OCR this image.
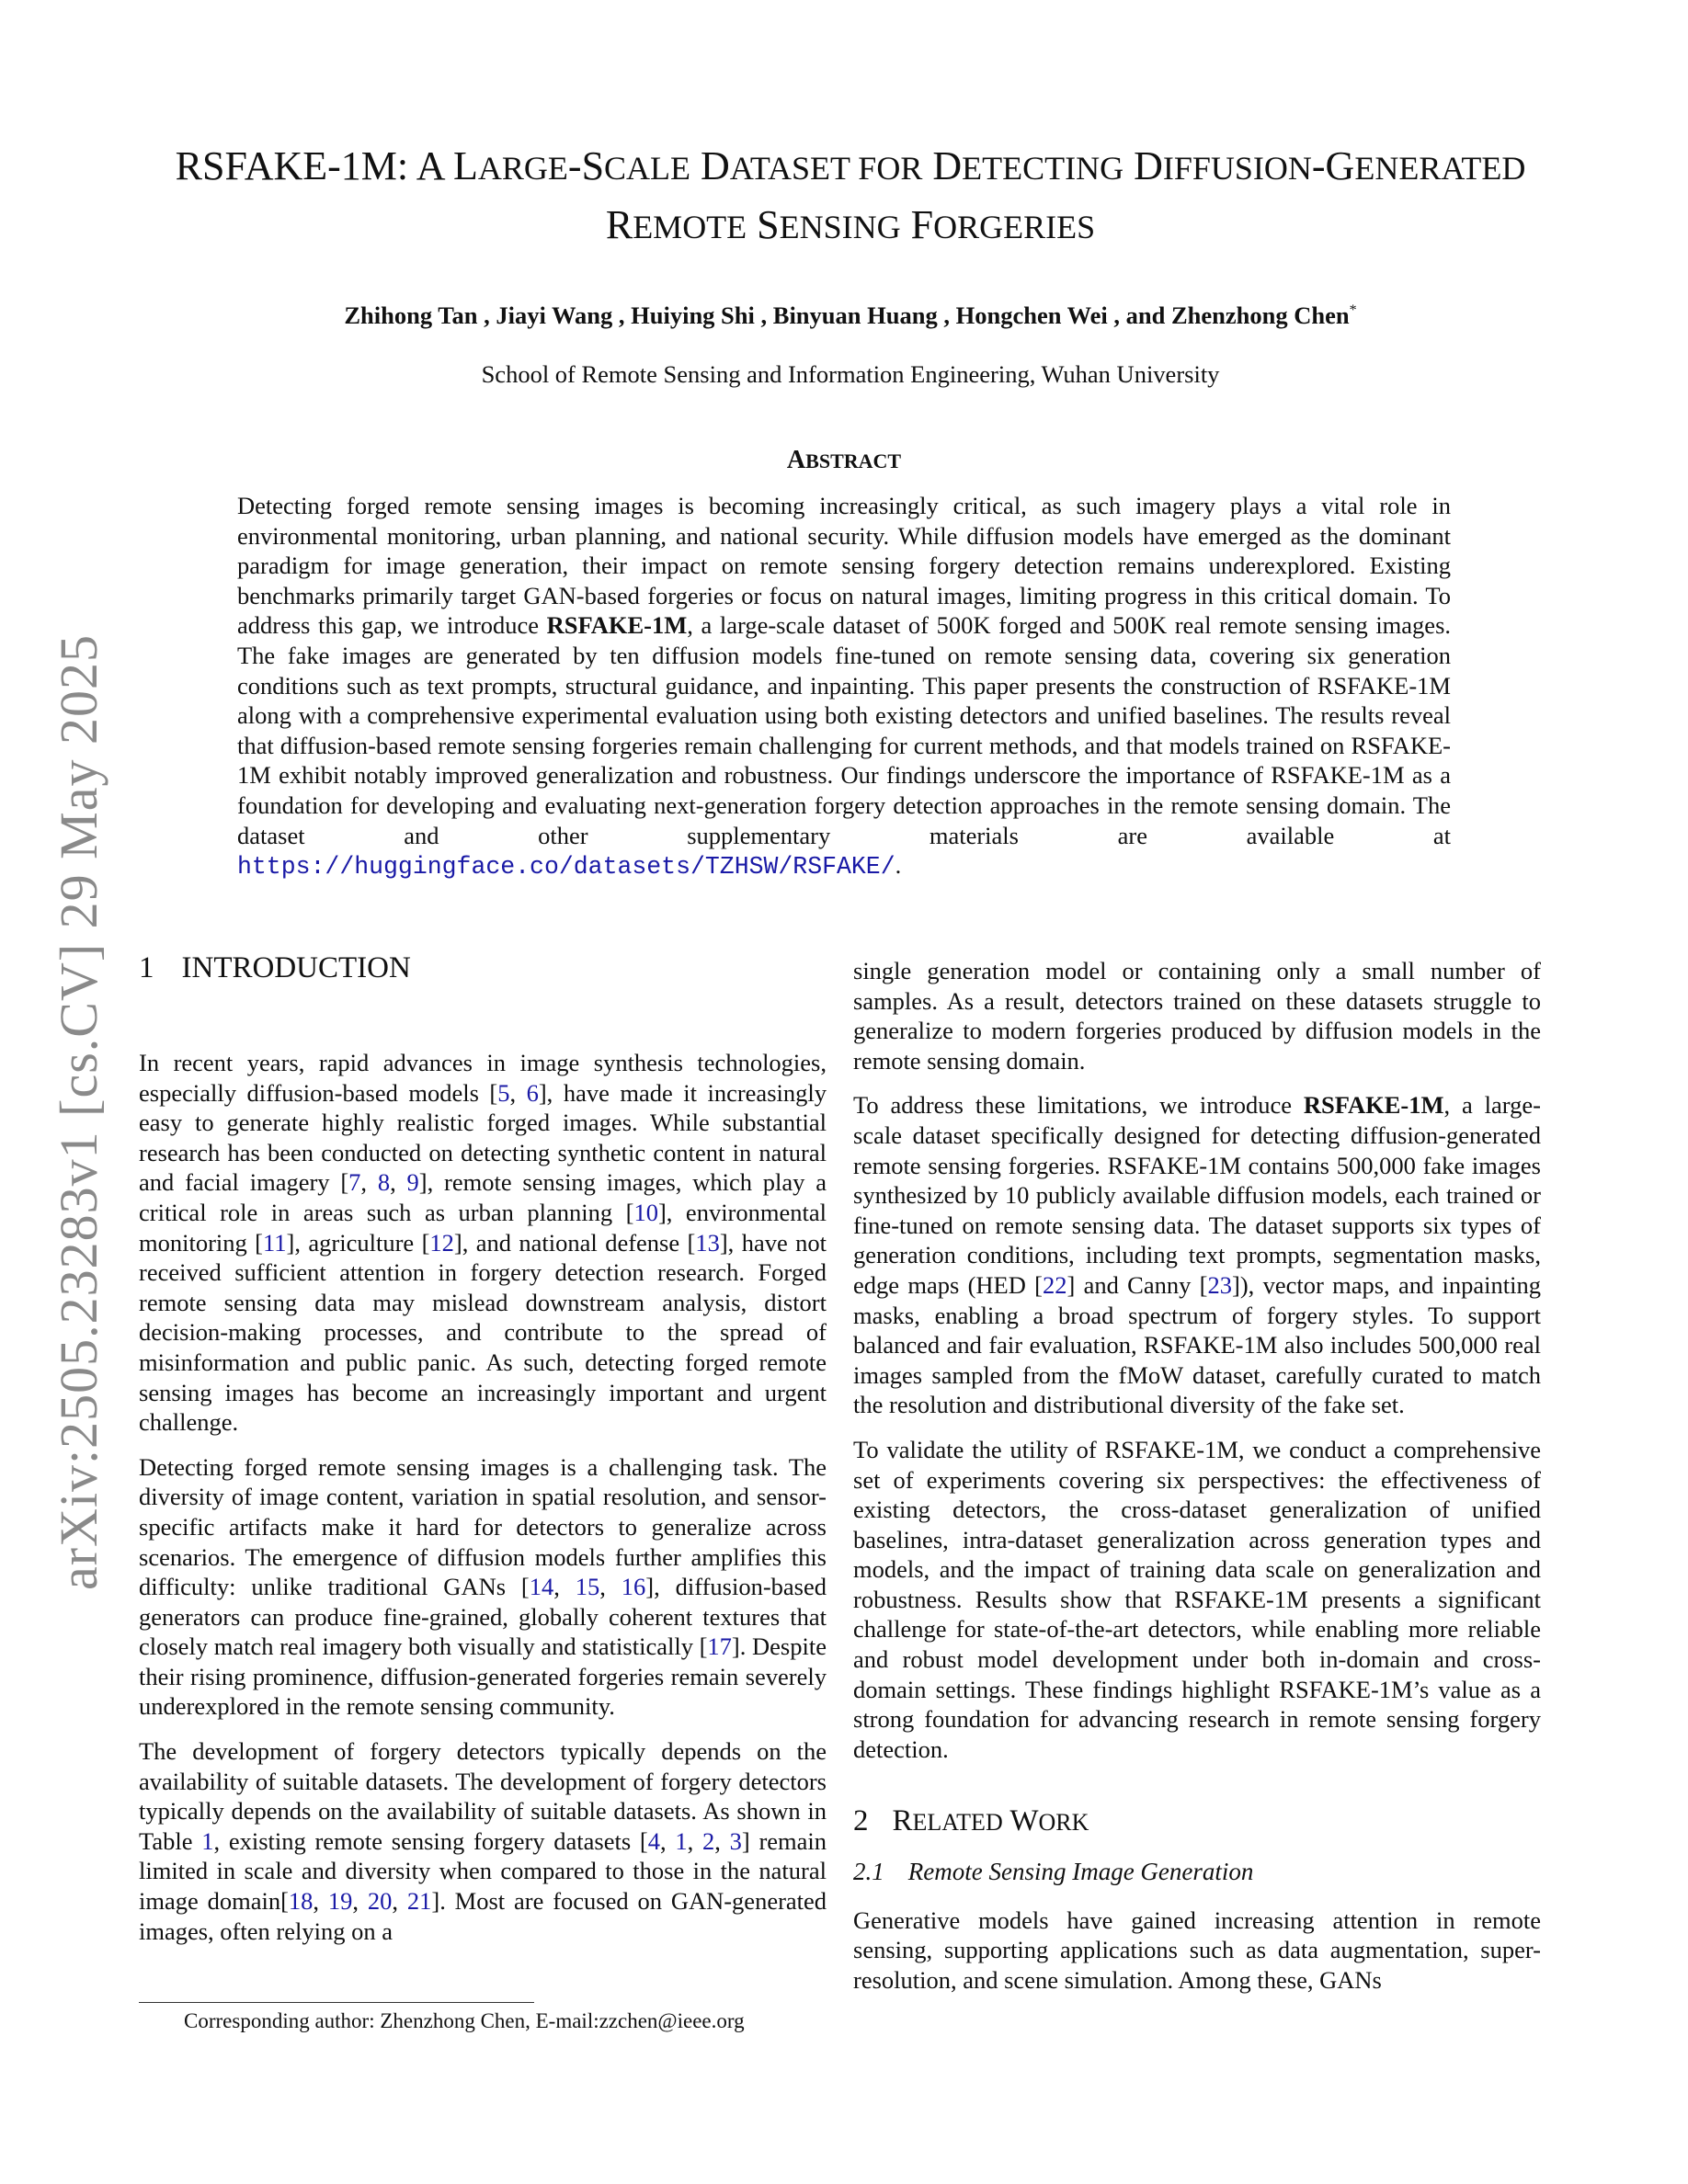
arXiv:2505.23283v1 [cs.CV] 29 May 2025
RSFAKE-1M: A LARGE-SCALE DATASET FOR DETECTING DIFFUSION-GENERATED
REMOTE SENSING FORGERIES
Zhihong Tan , Jiayi Wang , Huiying Shi , Binyuan Huang , Hongchen Wei , and Zhenzhong Chen*
School of Remote Sensing and Information Engineering, Wuhan University
ABSTRACT
Detecting forged remote sensing images is becoming increasingly critical, as such imagery plays a vital role in environmental monitoring, urban planning, and national security. While diffusion models have emerged as the dominant paradigm for image generation, their impact on remote sensing forgery detection remains underexplored. Existing benchmarks primarily target GAN-based forgeries or focus on natural images, limiting progress in this critical domain. To address this gap, we introduce RSFAKE-1M, a large-scale dataset of 500K forged and 500K real remote sensing images. The fake images are generated by ten diffusion models fine-tuned on remote sensing data, covering six generation conditions such as text prompts, structural guidance, and inpainting. This paper presents the construction of RSFAKE-1M along with a comprehensive experimental evaluation using both existing detectors and unified baselines. The results reveal that diffusion-based remote sensing forgeries remain challenging for current methods, and that models trained on RSFAKE-1M exhibit notably improved generalization and robustness. Our findings underscore the importance of RSFAKE-1M as a foundation for developing and evaluating next-generation forgery detection approaches in the remote sensing domain. The dataset and other supplementary materials are available at https://huggingface.co/datasets/TZHSW/RSFAKE/.
1 INTRODUCTION

In recent years, rapid advances in image synthesis technologies, especially diffusion-based models [5, 6], have made it increasingly easy to generate highly realistic forged images. While substantial research has been conducted on detecting synthetic content in natural and facial imagery [7, 8, 9], remote sensing images, which play a critical role in areas such as urban planning [10], environmental monitoring [11], agriculture [12], and national defense [13], have not received sufficient attention in forgery detection research. Forged remote sensing data may mislead downstream analysis, distort decision-making processes, and contribute to the spread of misinformation and public panic. As such, detecting forged remote sensing images has become an increasingly important and urgent challenge.

Detecting forged remote sensing images is a challenging task. The diversity of image content, variation in spatial resolution, and sensor-specific artifacts make it hard for detectors to generalize across scenarios. The emergence of diffusion models further amplifies this difficulty: unlike traditional GANs [14, 15, 16], diffusion-based generators can produce fine-grained, globally coherent textures that closely match real imagery both visually and statistically [17]. Despite their rising prominence, diffusion-generated forgeries remain severely underexplored in the remote sensing community.

The development of forgery detectors typically depends on the availability of suitable datasets. The development of forgery detectors typically depends on the availability of suitable datasets. As shown in Table 1, existing remote sensing forgery datasets [4, 1, 2, 3] remain limited in scale and diversity when compared to those in the natural image domain[18, 19, 20, 21]. Most are focused on GAN-generated images, often relying on a

single generation model or containing only a small number of samples. As a result, detectors trained on these datasets struggle to generalize to modern forgeries produced by diffusion models in the remote sensing domain.

To address these limitations, we introduce RSFAKE-1M, a large-scale dataset specifically designed for detecting diffusion-generated remote sensing forgeries. RSFAKE-1M contains 500,000 fake images synthesized by 10 publicly available diffusion models, each trained or fine-tuned on remote sensing data. The dataset supports six types of generation conditions, including text prompts, segmentation masks, edge maps (HED [22] and Canny [23]), vector maps, and inpainting masks, enabling a broad spectrum of forgery styles. To support balanced and fair evaluation, RSFAKE-1M also includes 500,000 real images sampled from the fMoW dataset, carefully curated to match the resolution and distributional diversity of the fake set.

To validate the utility of RSFAKE-1M, we conduct a comprehensive set of experiments covering six perspectives: the effectiveness of existing detectors, the cross-dataset generalization of unified baselines, intra-dataset generalization across generation types and models, and the impact of training data scale on generalization and robustness. Results show that RSFAKE-1M presents a significant challenge for state-of-the-art detectors, while enabling more reliable and robust model development under both in-domain and cross-domain settings. These findings highlight RSFAKE-1M’s value as a strong foundation for advancing research in remote sensing forgery detection.

2 RELATED WORK
2.1 Remote Sensing Image Generation

Generative models have gained increasing attention in remote sensing, supporting applications such as data augmentation, super-resolution, and scene simulation. Among these, GANs

Corresponding author: Zhenzhong Chen, E-mail:zzchen@ieee.org
